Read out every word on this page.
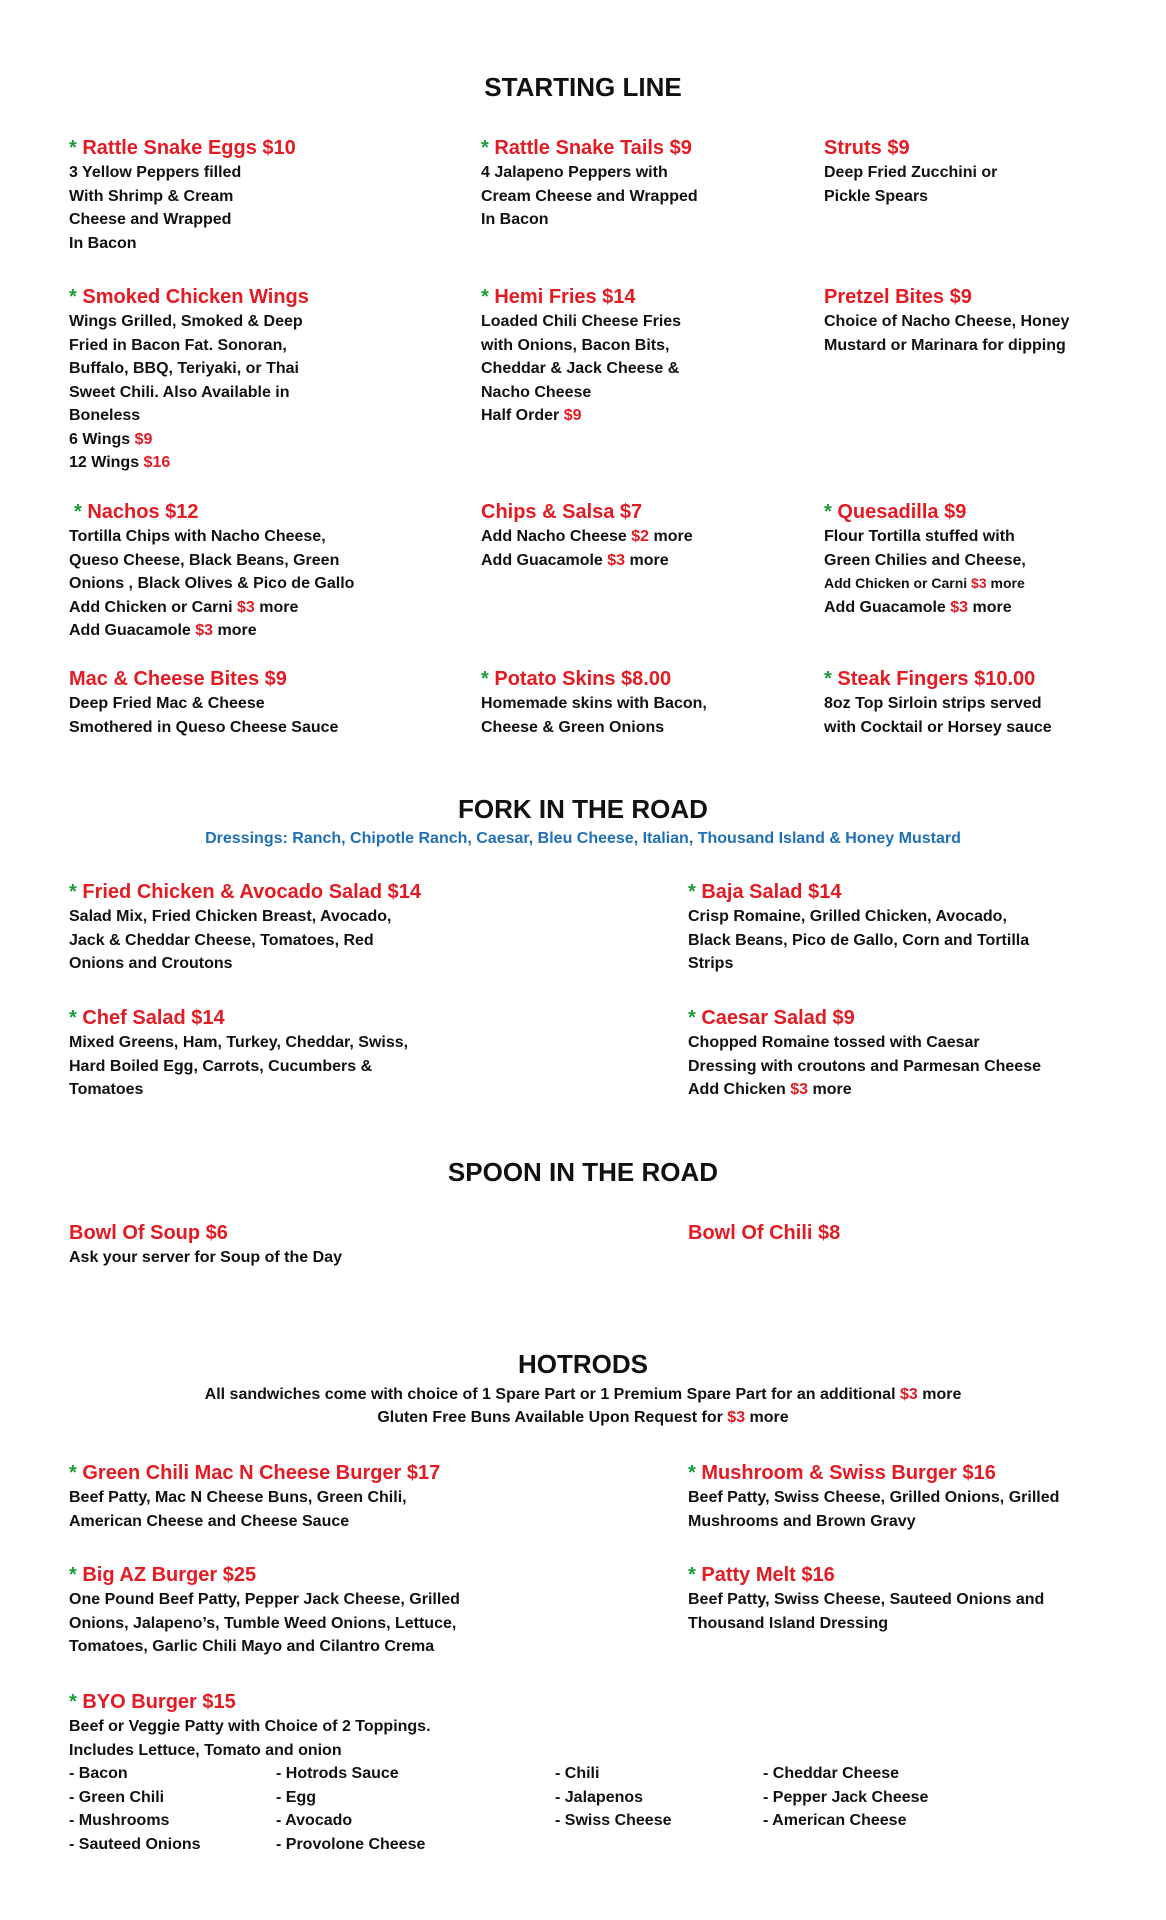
STARTING LINE
* Rattle Snake Eggs $10
3 Yellow Peppers filled
With Shrimp & Cream
Cheese and Wrapped
In Bacon
* Rattle Snake Tails $9
4 Jalapeno Peppers with
Cream Cheese and Wrapped
In Bacon
Struts $9
Deep Fried Zucchini or
Pickle Spears
* Smoked Chicken Wings
Wings Grilled, Smoked & Deep
Fried in Bacon Fat. Sonoran,
Buffalo, BBQ, Teriyaki, or Thai
Sweet Chili. Also Available in
Boneless
6 Wings $9
12 Wings $16
* Hemi Fries $14
Loaded Chili Cheese Fries
with Onions, Bacon Bits,
Cheddar & Jack Cheese &
Nacho Cheese
Half Order $9
Pretzel Bites $9
Choice of Nacho Cheese, Honey
Mustard or Marinara for dipping
* Nachos $12
Tortilla Chips with Nacho Cheese,
Queso Cheese, Black Beans, Green
Onions , Black Olives & Pico de Gallo
Add Chicken or Carni $3 more
Add Guacamole $3 more
Chips & Salsa $7
Add Nacho Cheese $2 more
Add Guacamole $3 more
* Quesadilla $9
Flour Tortilla stuffed with
Green Chilies and Cheese,
Add Chicken or Carni $3 more
Add Guacamole $3 more
Mac & Cheese Bites $9
Deep Fried Mac & Cheese
Smothered in Queso Cheese Sauce
* Potato Skins $8.00
Homemade skins with Bacon,
Cheese & Green Onions
* Steak Fingers $10.00
8oz Top Sirloin strips served
with Cocktail or Horsey sauce
FORK IN THE ROAD
Dressings: Ranch, Chipotle Ranch, Caesar, Bleu Cheese, Italian, Thousand Island & Honey Mustard
* Fried Chicken & Avocado Salad $14
Salad Mix, Fried Chicken Breast, Avocado,
Jack & Cheddar Cheese, Tomatoes, Red
Onions and Croutons
* Baja Salad $14
Crisp Romaine, Grilled Chicken, Avocado,
Black Beans, Pico de Gallo, Corn and Tortilla
Strips
* Chef Salad $14
Mixed Greens, Ham, Turkey, Cheddar, Swiss,
Hard Boiled Egg, Carrots, Cucumbers &
Tomatoes
* Caesar Salad $9
Chopped Romaine tossed with Caesar
Dressing with croutons and Parmesan Cheese
Add Chicken $3 more
SPOON IN THE ROAD
Bowl Of Soup $6
Ask your server for Soup of the Day
Bowl Of Chili $8
HOTRODS
All sandwiches come with choice of 1 Spare Part or 1 Premium Spare Part for an additional $3 more
Gluten Free Buns Available Upon Request for $3 more
* Green Chili Mac N Cheese Burger $17
Beef Patty, Mac N Cheese Buns, Green Chili,
American Cheese and Cheese Sauce
* Mushroom & Swiss Burger $16
Beef Patty, Swiss Cheese, Grilled Onions, Grilled
Mushrooms and Brown Gravy
* Big AZ Burger $25
One Pound Beef Patty, Pepper Jack Cheese, Grilled
Onions, Jalapeno’s, Tumble Weed Onions, Lettuce,
Tomatoes, Garlic Chili Mayo and Cilantro Crema
* Patty Melt $16
Beef Patty, Swiss Cheese, Sauteed Onions and
Thousand Island Dressing
* BYO Burger $15
Beef or Veggie Patty with Choice of 2 Toppings.
Includes Lettuce, Tomato and onion
- Bacon
- Green Chili
- Mushrooms
- Sauteed Onions
- Hotrods Sauce
- Egg
- Avocado
- Provolone Cheese
- Chili
- Jalapenos
- Swiss Cheese
- Cheddar Cheese
- Pepper Jack Cheese
- American Cheese
